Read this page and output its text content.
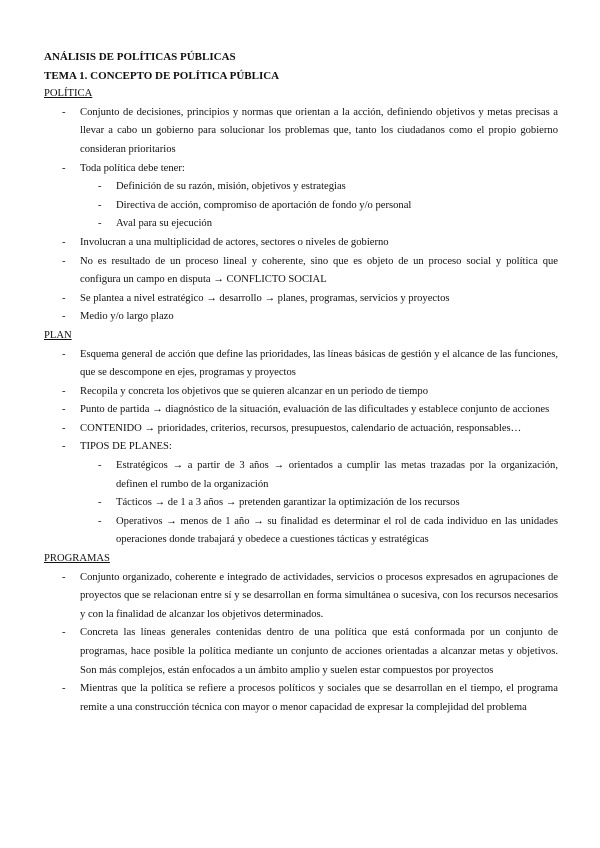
ANÁLISIS DE POLÍTICAS PÚBLICAS
TEMA 1. CONCEPTO DE POLÍTICA PÚBLICA
POLÍTICA
- Conjunto de decisiones, principios y normas que orientan a la acción, definiendo objetivos y metas precisas a llevar a cabo un gobierno para solucionar los problemas que, tanto los ciudadanos como el propio gobierno consideran prioritarios
- Toda política debe tener:
- Definición de su razón, misión, objetivos y estrategias
- Directiva de acción, compromiso de aportación de fondo y/o personal
- Aval para su ejecución
- Involucran a una multiplicidad de actores, sectores o niveles de gobierno
- No es resultado de un proceso lineal y coherente, sino que es objeto de un proceso social y política que configura un campo en disputa → CONFLICTO SOCIAL
- Se plantea a nivel estratégico → desarrollo → planes, programas, servicios y proyectos
- Medio y/o largo plazo
PLAN
- Esquema general de acción que define las prioridades, las líneas básicas de gestión y el alcance de las funciones, que se descompone en ejes, programas y proyectos
- Recopila y concreta los objetivos que se quieren alcanzar en un periodo de tiempo
- Punto de partida → diagnóstico de la situación, evaluación de las dificultades y establece conjunto de acciones
- CONTENIDO → prioridades, criterios, recursos, presupuestos, calendario de actuación, responsables…
- TIPOS DE PLANES:
- Estratégicos → a partir de 3 años → orientados a cumplir las metas trazadas por la organización, definen el rumbo de la organización
- Tácticos → de 1 a 3 años → pretenden garantizar la optimización de los recursos
- Operativos → menos de 1 año → su finalidad es determinar el rol de cada individuo en las unidades operaciones donde trabajará y obedece a cuestiones tácticas y estratégicas
PROGRAMAS
- Conjunto organizado, coherente e integrado de actividades, servicios o procesos expresados en agrupaciones de proyectos que se relacionan entre sí y se desarrollan en forma simultánea o sucesiva, con los recursos necesarios y con la finalidad de alcanzar los objetivos determinados.
- Concreta las líneas generales contenidas dentro de una política que está conformada por un conjunto de programas, hace posible la política mediante un conjunto de acciones orientadas a alcanzar metas y objetivos. Son más complejos, están enfocados a un ámbito amplio y suelen estar compuestos por proyectos
- Mientras que la política se refiere a procesos políticos y sociales que se desarrollan en el tiempo, el programa remite a una construcción técnica con mayor o menor capacidad de expresar la complejidad del problema
